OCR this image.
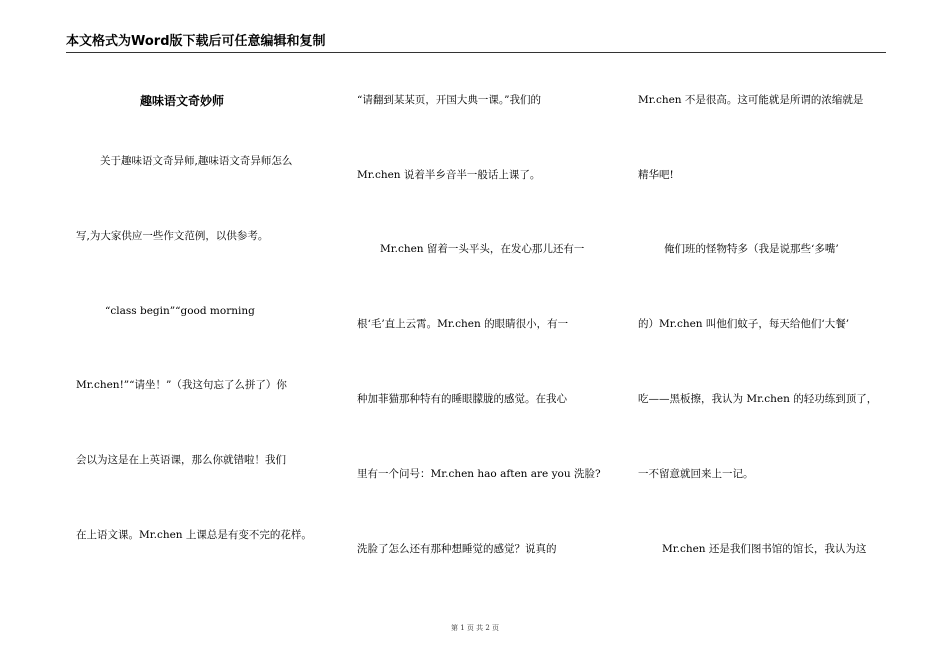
本文格式为Word版下载后可任意编辑和复制
趣味语文奇妙师
关于趣味语文奇异师,趣味语文奇异师怎么
写,为大家供应一些作文范例，以供参考。
“class begin”“good morning
Mr.chen!”“请坐！”（我这句忘了么拼了）你
会以为这是在上英语课，那么你就错啦！我们
在上语文课。Mr.chen 上课总是有变不完的花样。
“请翻到某某页，开国大典一课。”我们的
Mr.chen 说着半乡音半一般话上课了。
Mr.chen 留着一头平头，在发心那儿还有一
根‘毛’直上云霄。Mr.chen 的眼睛很小，有一
种加菲猫那种特有的睡眼朦胧的感觉。在我心
里有一个问号：Mr.chen hao aften are you 洗脸?
洗脸了怎么还有那种想睡觉的感觉？说真的
Mr.chen 不是很高。这可能就是所谓的浓缩就是
精华吧!
俺们班的怪物特多（我是说那些‘多嘴’
的）Mr.chen 叫他们蚊子，每天给他们‘大餐’
吃——黑板擦，我认为 Mr.chen 的轻功练到顶了，
一不留意就回来上一记。
Mr.chen 还是我们图书馆的馆长，我认为这
第 1 页 共 2 页
